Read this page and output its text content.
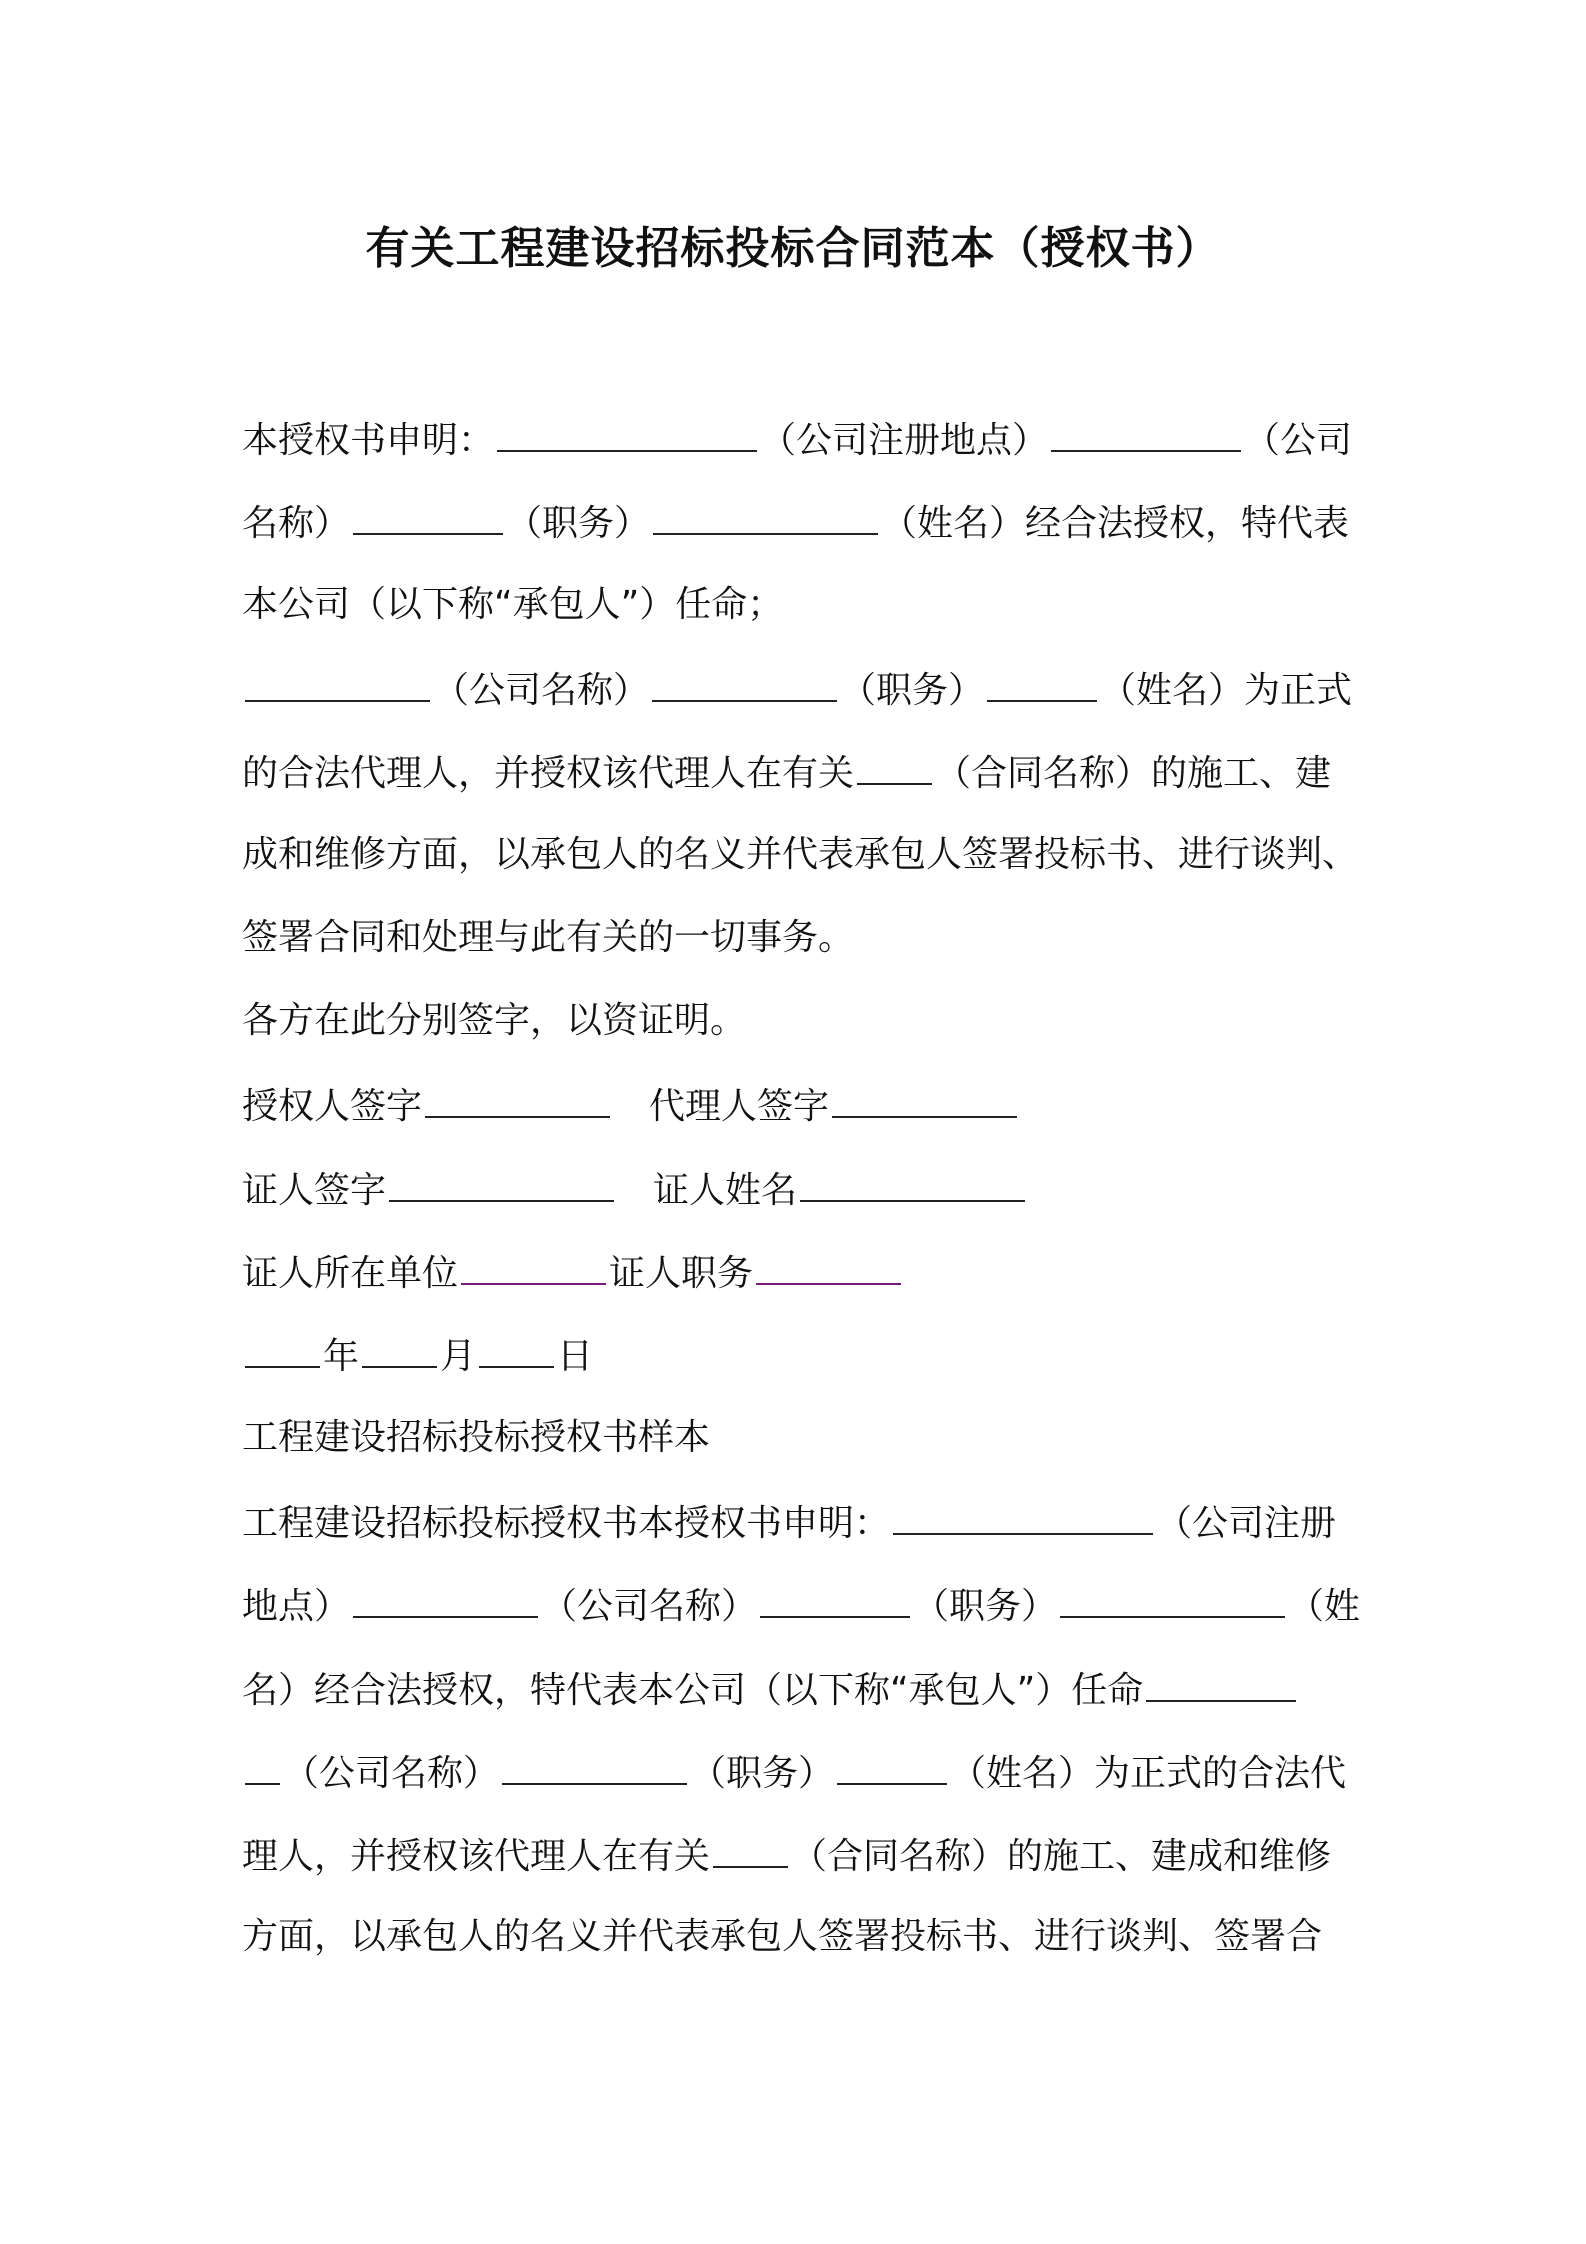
有关工程建设招标投标合同范本（授权书）
本授权书申明：	（公司注册地点）	（公司
名称）	（职务）	（姓名）经合法授权，特代表
本公司（以下称“承包人”）任命；
（公司名称）	（职务）	（姓名）为正式
的合法代理人，并授权该代理人在有关 （合同名称）的施工、建
成和维修方面，以承包人的名义并代表承包人签署投标书、进行谈判、
签署合同和处理与此有关的一切事务。
各方在此分别签字，以资证明。
授权人签字	　代理人签字
证人签字	　证人姓名
证人所在单位	证人职务
年 月 日
工程建设招标投标授权书样本
工程建设招标投标授权书本授权书申明：	（公司注册
地点）	（公司名称）	（职务）	（姓
名）经合法授权，特代表本公司（以下称“承包人”）任命
（公司名称）	（职务）	（姓名）为正式的合法代
理人，并授权该代理人在有关 （合同名称）的施工、建成和维修
方面，以承包人的名义并代表承包人签署投标书、进行谈判、签署合
